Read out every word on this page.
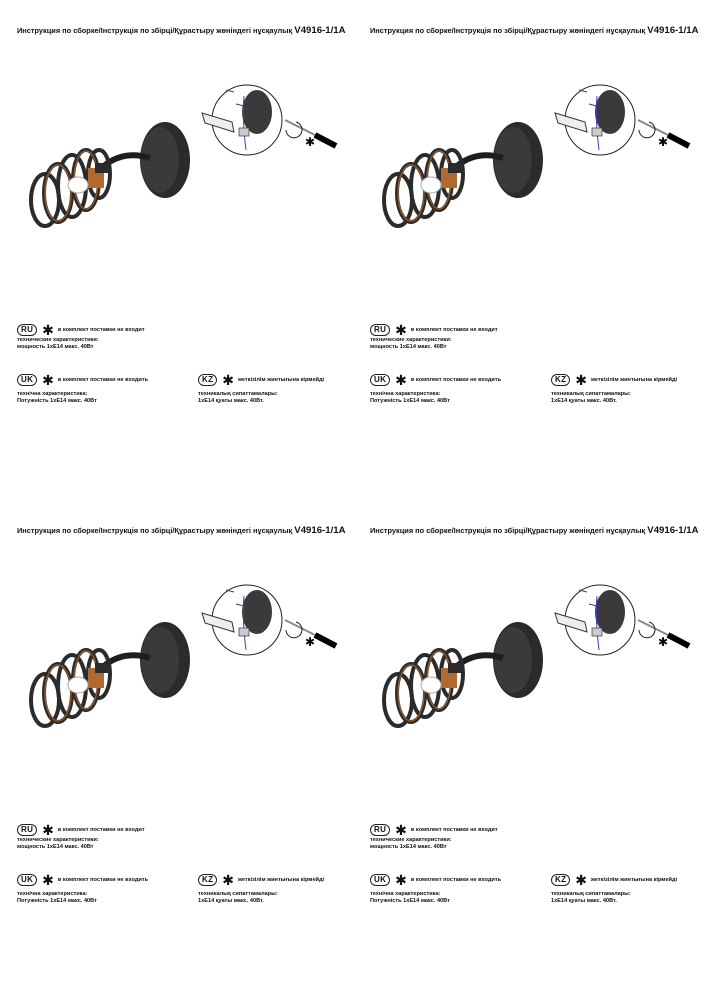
Инструкция по сборке/Інструкція по збірці/Құрастыру жөніндегі нұсқаулық V4916-1/1A
✱
RU ✱ в комплект поставки не входит
технические характеристики:
мощность 1хE14 макс. 40Вт
UK ✱ в комплект поставки не входить
технічна характеристика:
Потужність 1хE14 макс. 40Вт
KZ ✱ жеткізілім жинтығына кірмейді
техникалық сипаттамалары:
1хE14 қуаты макс. 40Вт.
Инструкция по сборке/Інструкція по збірці/Құрастыру жөніндегі нұсқаулық V4916-1/1A
✱
RU ✱ в комплект поставки не входит
технические характеристики:
мощность 1хE14 макс. 40Вт
UK ✱ в комплект поставки не входить
технічна характеристика:
Потужність 1хE14 макс. 40Вт
KZ ✱ жеткізілім жинтығына кірмейді
техникалық сипаттамалары:
1хE14 қуаты макс. 40Вт.
Инструкция по сборке/Інструкція по збірці/Құрастыру жөніндегі нұсқаулық V4916-1/1A
✱
RU ✱ в комплект поставки не входит
технические характеристики:
мощность 1хE14 макс. 40Вт
UK ✱ в комплект поставки не входить
технічна характеристика:
Потужність 1хE14 макс. 40Вт
KZ ✱ жеткізілім жинтығына кірмейді
техникалық сипаттамалары:
1хE14 қуаты макс. 40Вт.
Инструкция по сборке/Інструкція по збірці/Құрастыру жөніндегі нұсқаулық V4916-1/1A
✱
RU ✱ в комплект поставки не входит
технические характеристики:
мощность 1хE14 макс. 40Вт
UK ✱ в комплект поставки не входить
технічна характеристика:
Потужність 1хE14 макс. 40Вт
KZ ✱ жеткізілім жинтығына кірмейді
техникалық сипаттамалары:
1хE14 қуаты макс. 40Вт.
